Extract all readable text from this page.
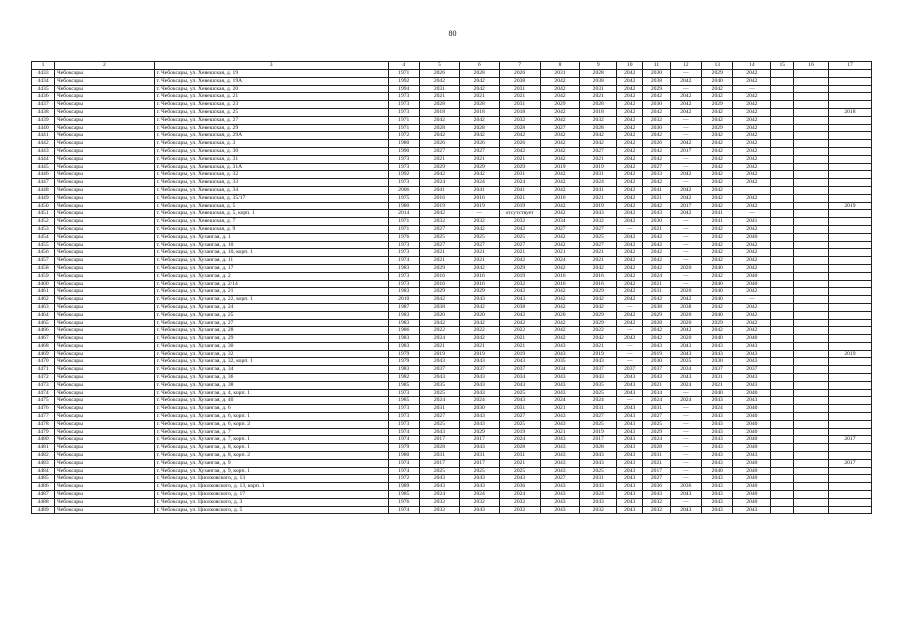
80
1	2	3	4	5	6	7	8	9	10	11	12	13	14	15	16	17
4433	Чебоксары	г. Чебоксары, ул. Хевешская, д. 19	1971	2026	2028	2026	2031	2028	2042	2030	—	2029	2042			
4434	Чебоксары	г. Чебоксары, ул. Хевешская, д. 19А	1992	2042	2042	2038	2042	2038	2042	2038	2042	2040	2042			
4435	Чебоксары	г. Чебоксары, ул. Хевешская, д. 20	1994	2031	2042	2031	2042	2031	2042	2029	—	2042	—			
4436	Чебоксары	г. Чебоксары, ул. Хевешская, д. 21	1973	2021	2021	2021	2042	2021	2042	2042	2042	2042	2042			
4437	Чебоксары	г. Чебоксары, ул. Хевешская, д. 23	1973	2028	2028	2031	2029	2028	2042	2030	2042	2029	2042			
4438	Чебоксары	г. Чебоксары, ул. Хевешская, д. 25	1973	2018	2018	2018	2042	2018	2042	2042	2042	2042	2042			2018
4439	Чебоксары	г. Чебоксары, ул. Хевешская, д. 27	1971	2042	2042	2032	2042	2032	2042	2032	—	2042	2042			
4440	Чебоксары	г. Чебоксары, ул. Хевешская, д. 29	1971	2028	2028	2028	2027	2028	2042	2030	—	2029	2042			
4441	Чебоксары	г. Чебоксары, ул. Хевешская, д. 29А	1972	2042	2042	2042	2042	2042	2042	2042	—	2042	2042			
4442	Чебоксары	г. Чебоксары, ул. Хевешская, д. 3	1980	2026	2026	2026	2042	2042	2042	2026	2042	2042	2042			
4443	Чебоксары	г. Чебоксары, ул. Хевешская, д. 30	1990	2027	2027	2042	2042	2027	2042	2042	2017	2042	2042			
4444	Чебоксары	г. Чебоксары, ул. Хевешская, д. 31	1973	2021	2021	2021	2042	2021	2042	2042	—	2042	2042			
4445	Чебоксары	г. Чебоксары, ул. Хевешская, д. 31А	1973	2029	2029	2029	2019	2019	2042	2027	—	2042	2042			
4446	Чебоксары	г. Чебоксары, ул. Хевешская, д. 32	1992	2042	2042	2031	2042	2031	2042	2033	2042	2042	2042			
4447	Чебоксары	г. Чебоксары, ул. Хевешская, д. 33	1973	2024	2024	2024	2042	2024	2042	2042	—	2042	2042			
4448	Чебоксары	г. Чебоксары, ул. Хевешская, д. 34	2006	2041	2041	2041	2042	2041	2042	2041	2042	2042				
4449	Чебоксары	г. Чебоксары, ул. Хевешская, д. 35/17	1975	2016	2016	2021	2016	2021	2042	2021	2042	2042	2042			
4450	Чебоксары	г. Чебоксары, ул. Хевешская, д. 5	1980	2019	2019	2019	2042	2019	2042	2042	2017	2042	2042			2019
4451	Чебоксары	г. Чебоксары, ул. Хевешская, д. 5, корп. 1	2014	2042	—	отсутствует	2042	2043	2042	2043	2042	2041	—			
4452	Чебоксары	г. Чебоксары, ул. Хевешская, д. 7	1971	2032	2032	2032	2034	2032	2042	2030	—	2041	2041			
4453	Чебоксары	г. Чебоксары, ул. Хевешская, д. 9	1971	2027	2042	2042	2027	2027	—	2021	—	2042	2042			
4454	Чебоксары	г. Чебоксары, ул. Хузангая, д. 1	1976	2025	2025	2025	2042	2025	2042	2042	—	2042	2040			
4455	Чебоксары	г. Чебоксары, ул. Хузангая, д. 10	1973	2027	2027	2027	2042	2027	2042	2042	—	2042	2042			
4456	Чебоксары	г. Чебоксары, ул. Хузангая, д. 10, корп. 1	1973	2021	2021	2021	2021	2021	2042	2042	—	2042	2042			
4457	Чебоксары	г. Чебоксары, ул. Хузангая, д. 11	1974	2021	2021	2042	2024	2021	2042	2042	—	2042	2042			
4458	Чебоксары	г. Чебоксары, ул. Хузангая, д. 17	1983	2029	2042	2029	2042	2042	2042	2042	2020	2040	2042			
4459	Чебоксары	г. Чебоксары, ул. Хузангая, д. 2	1973	2016	2016	2019	2016	2016	2042	2024	—	2042	2040			
4460	Чебоксары	г. Чебоксары, ул. Хузангая, д. 2/14	1973	2016	2016	2032	2016	2016	2042	2021	—	2040	2040			
4461	Чебоксары	г. Чебоксары, ул. Хузангая, д. 21	1983	2029	2029	2042	2042	2029	2042	2031	2020	2040	2042			
4462	Чебоксары	г. Чебоксары, ул. Хузангая, д. 22, корп. 1	2010	2042	2043	2043	2042	2042	2042	2042	2042	2040	—			
4463	Чебоксары	г. Чебоксары, ул. Хузангая, д. 24	1987	2038	2042	2038	2042	2042	—	2038	2038	2042	2042			
4464	Чебоксары	г. Чебоксары, ул. Хузангая, д. 25	1983	2020	2020	2042	2020	2029	2042	2029	2020	2040	2042			
4465	Чебоксары	г. Чебоксары, ул. Хузангая, д. 27	1983	2042	2042	2042	2042	2029	2042	2028	2020	2029	2042			
4466	Чебоксары	г. Чебоксары, ул. Хузангая, д. 28	1986	2022	2022	2022	2042	2022	—	2042	2042	2042	2042			
4467	Чебоксары	г. Чебоксары, ул. Хузангая, д. 29	1983	2024	2042	2021	2042	2042	2042	2042	2020	2040	2040			
4468	Чебоксары	г. Чебоксары, ул. Хузангая, д. 30	1983	2021	2021	2021	2043	2021	—	2043	2043	2043	2043			
4469	Чебоксары	г. Чебоксары, ул. Хузангая, д. 32	1979	2019	2019	2019	2043	2019	—	2019	2043	2043	2043			2019
4470	Чебоксары	г. Чебоксары, ул. Хузангая, д. 32, корп. 1	1979	2043	2043	2043	2035	2043	—	2030	2035	2030	2043			
4471	Чебоксары	г. Чебоксары, ул. Хузангая, д. 34	1983	2037	2037	2037	2034	2037	2037	2037	2034	2037	2037			
4472	Чебоксары	г. Чебоксары, ул. Хузангая, д. 36	1982	2043	2043	2034	2043	2043	2043	2043	2043	2031	2043			
4473	Чебоксары	г. Чебоксары, ул. Хузангая, д. 38	1985	2035	2043	2043	2043	2035	2043	2021	2024	2021	2043			
4474	Чебоксары	г. Чебоксары, ул. Хузангая, д. 4, корп. 1	1973	2025	2043	2025	2043	2025	2043	2034	—	2040	2040			
4475	Чебоксары	г. Чебоксары, ул. Хузангая, д. 40	1985	2024	2024	2043	2024	2024	—	2024	2024	2043	2043			
4476	Чебоксары	г. Чебоксары, ул. Хузангая, д. 6	1973	2031	2030	2031	2021	2031	2043	2031	—	2024	2040			
4477	Чебоксары	г. Чебоксары, ул. Хузангая, д. 6, корп. 1	1973	2027	2043	2027	2043	2027	2043	2027	—	2043	2040			
4478	Чебоксары	г. Чебоксары, ул. Хузангая, д. 6, корп. 2	1973	2025	2043	2025	2043	2025	2043	2025	—	2043	2040			
4479	Чебоксары	г. Чебоксары, ул. Хузангая, д. 7	1974	2043	2029	2019	2021	2019	2043	2029	—	2043	2040			
4480	Чебоксары	г. Чебоксары, ул. Хузангая, д. 7, корп. 1	1974	2017	2017	2024	2043	2017	2043	2024	—	2043	2040			2017
4481	Чебоксары	г. Чебоксары, ул. Хузангая, д. 8, корп. 1	1979	2028	2043	2028	2043	2028	2043	2028	—	2043	2040			
4482	Чебоксары	г. Чебоксары, ул. Хузангая, д. 8, корп. 2	1980	2031	2031	2031	2043	2043	2043	2031	—	2043	2043			
4483	Чебоксары	г. Чебоксары, ул. Хузангая, д. 9	1974	2017	2017	2021	2043	2043	2043	2021	—	2043	2040			2017
4484	Чебоксары	г. Чебоксары, ул. Хузангая, д. 9, корп. 1	1974	2025	2025	2025	2043	2025	2043	2017	—	2040	2040			
4485	Чебоксары	г. Чебоксары, ул. Циолковского, д. 13	1972	2043	2043	2043	2027	2031	2043	2027	—	2043	2040			
4486	Чебоксары	г. Чебоксары, ул. Циолковского, д. 13, корп. 1	1989	2043	2043	2036	2043	2043	2043	2036	2036	2043	2040			
4487	Чебоксары	г. Чебоксары, ул. Циолковского, д. 17	1985	2024	2024	2024	2043	2024	2043	2043	2043	2043	2040			
4488	Чебоксары	г. Чебоксары, ул. Циолковского, д. 3	1976	2032	2032	2032	2043	2043	2043	2032	—	2043	2040			
4489	Чебоксары	г. Чебоксары, ул. Циолковского, д. 5	1974	2032	2043	2032	2043	2032	2043	2032	2043	2043	2043			
